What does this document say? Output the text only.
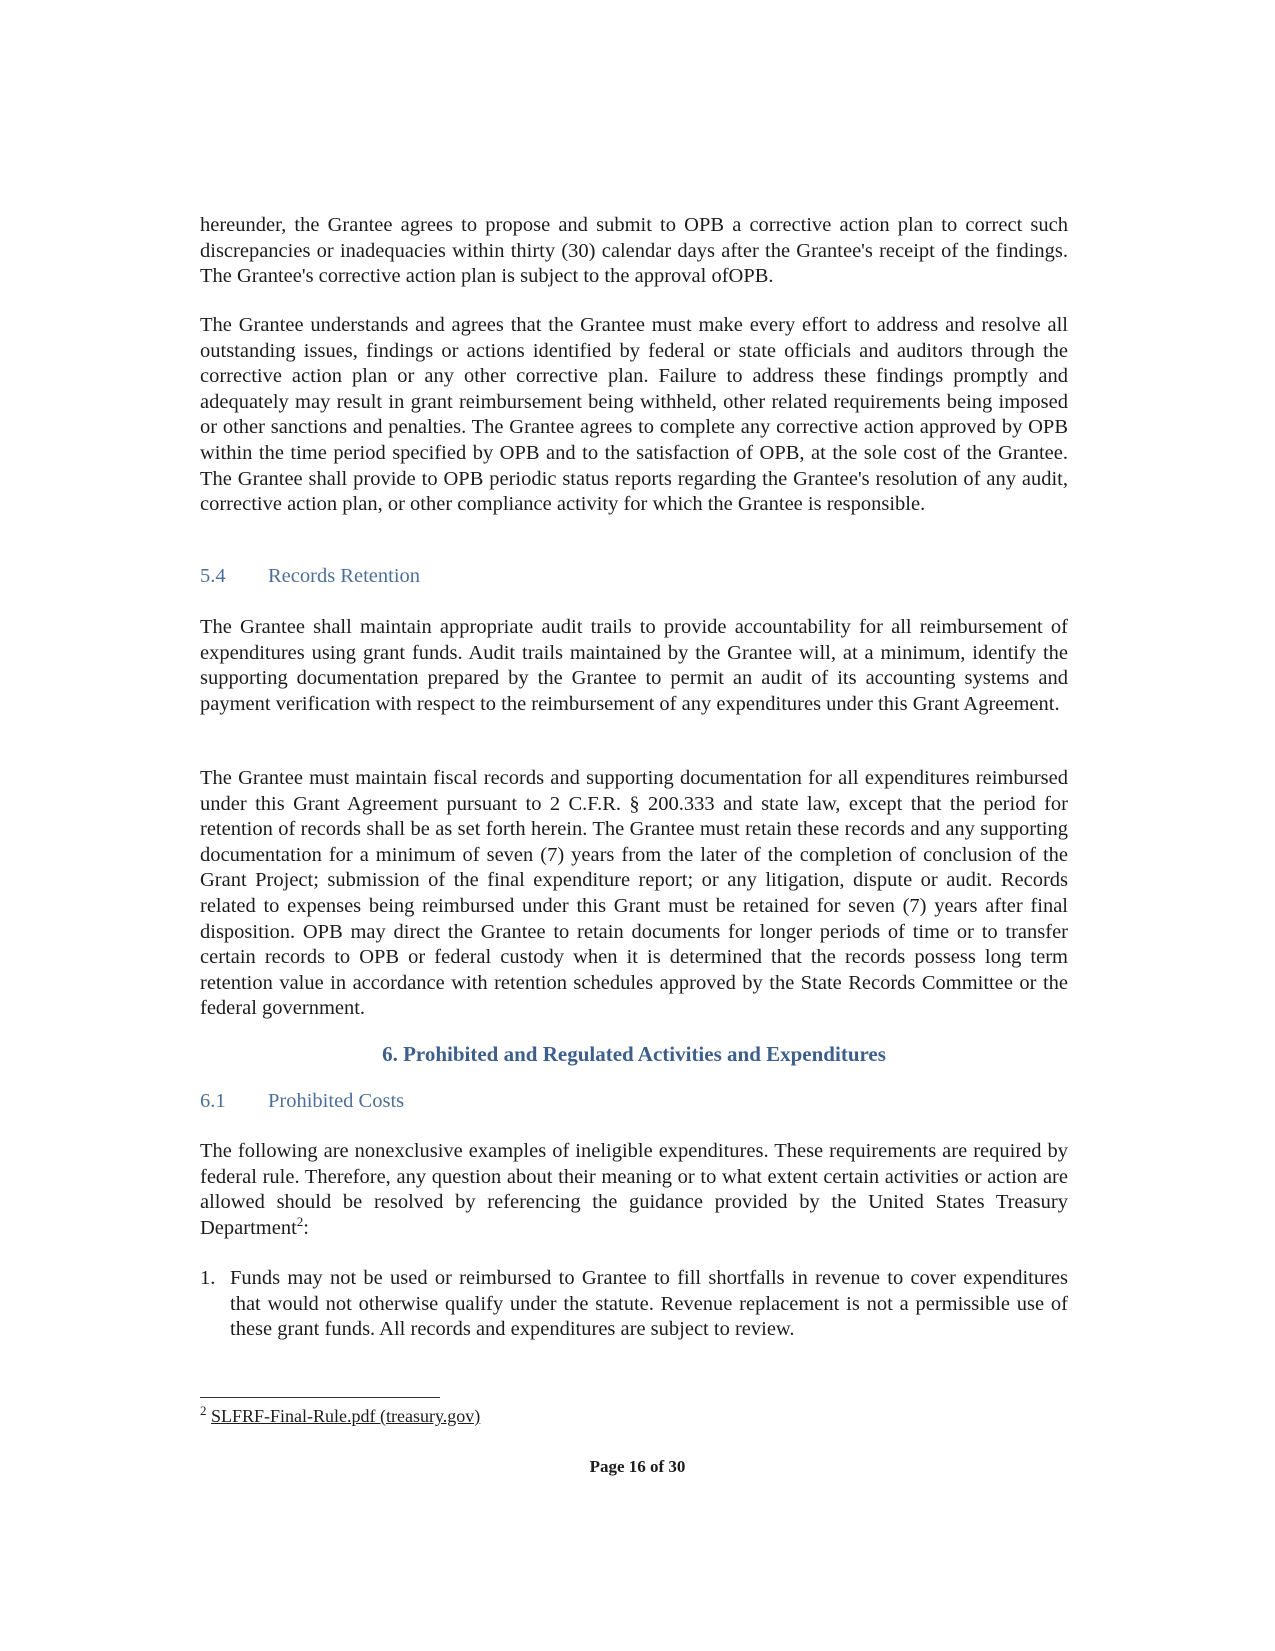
hereunder, the Grantee agrees to propose and submit to OPB a corrective action plan to correct such discrepancies or inadequacies within thirty (30) calendar days after the Grantee's receipt of the findings. The Grantee's corrective action plan is subject to the approval ofOPB.

The Grantee understands and agrees that the Grantee must make every effort to address and resolve all outstanding issues, findings or actions identified by federal or state officials and auditors through the corrective action plan or any other corrective plan. Failure to address these findings promptly and adequately may result in grant reimbursement being withheld, other related requirements being imposed or other sanctions and penalties. The Grantee agrees to complete any corrective action approved by OPB within the time period specified by OPB and to the satisfaction of OPB, at the sole cost of the Grantee. The Grantee shall provide to OPB periodic status reports regarding the Grantee's resolution of any audit, corrective action plan, or other compliance activity for which the Grantee is responsible.

5.4 Records Retention

The Grantee shall maintain appropriate audit trails to provide accountability for all reimbursement of expenditures using grant funds. Audit trails maintained by the Grantee will, at a minimum, identify the supporting documentation prepared by the Grantee to permit an audit of its accounting systems and payment verification with respect to the reimbursement of any expenditures under this Grant Agreement.

The Grantee must maintain fiscal records and supporting documentation for all expenditures reimbursed under this Grant Agreement pursuant to 2 C.F.R. § 200.333 and state law, except that the period for retention of records shall be as set forth herein. The Grantee must retain these records and any supporting documentation for a minimum of seven (7) years from the later of the completion of conclusion of the Grant Project; submission of the final expenditure report; or any litigation, dispute or audit. Records related to expenses being reimbursed under this Grant must be retained for seven (7) years after final disposition. OPB may direct the Grantee to retain documents for longer periods of time or to transfer certain records to OPB or federal custody when it is determined that the records possess long term retention value in accordance with retention schedules approved by the State Records Committee or the federal government.

6. Prohibited and Regulated Activities and Expenditures
6.1 Prohibited Costs

The following are nonexclusive examples of ineligible expenditures. These requirements are required by federal rule. Therefore, any question about their meaning or to what extent certain activities or action are allowed should be resolved by referencing the guidance provided by the United States Treasury Department$^2$:

1. Funds may not be used or reimbursed to Grantee to fill shortfalls in revenue to cover expenditures that would not otherwise qualify under the statute. Revenue replacement is not a permissible use of these grant funds. All records and expenditures are subject to review.
$^2$ SLFRF-Final-Rule.pdf (treasury.gov)
Page 16 of 30
